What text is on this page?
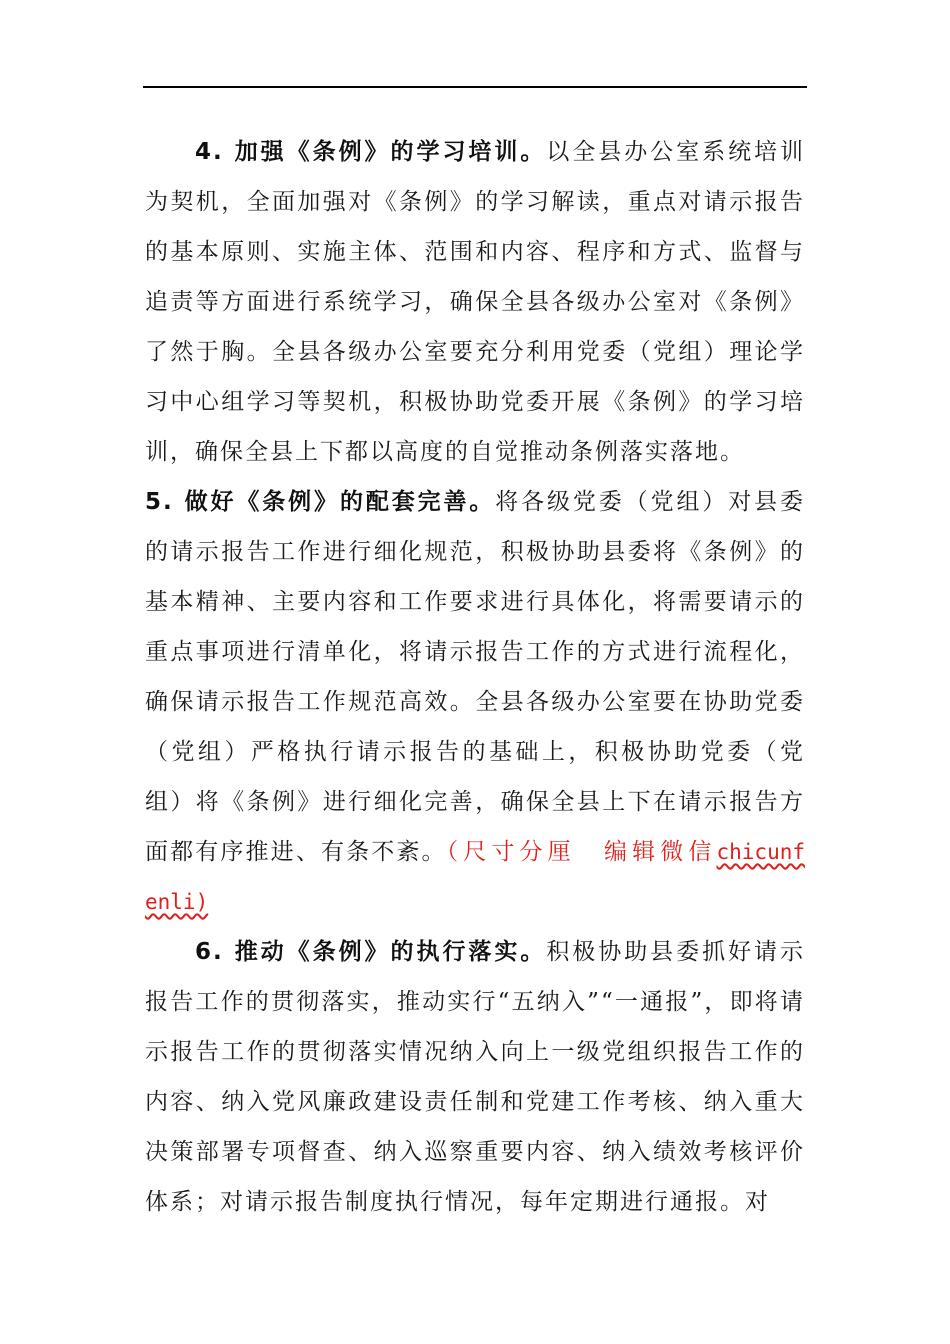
4. 加强《条例》的学习培训。以全县办公室系统培训为契机，全面加强对《条例》的学习解读，重点对请示报告的基本原则、实施主体、范围和内容、程序和方式、监督与追责等方面进行系统学习，确保全县各级办公室对《条例》了然于胸。全县各级办公室要充分利用党委（党组）理论学习中心组学习等契机，积极协助党委开展《条例》的学习培训，确保全县上下都以高度的自觉推动条例落实落地。

5. 做好《条例》的配套完善。将各级党委（党组）对县委的请示报告工作进行细化规范，积极协助县委将《条例》的基本精神、主要内容和工作要求进行具体化，将需要请示的重点事项进行清单化，将请示报告工作的方式进行流程化，确保请示报告工作规范高效。全县各级办公室要在协助党委（党组）严格执行请示报告的基础上，积极协助党委（党组）将《条例》进行细化完善，确保全县上下在请示报告方面都有序推进、有条不紊。（尺寸分厘　编辑微信chicunfenli)

6. 推动《条例》的执行落实。积极协助县委抓好请示报告工作的贯彻落实，推动实行“五纳入”“一通报”，即将请示报告工作的贯彻落实情况纳入向上一级党组织报告工作的内容、纳入党风廉政建设责任制和党建工作考核、纳入重大决策部署专项督查、纳入巡察重要内容、纳入绩效考核评价体系；对请示报告制度执行情况，每年定期进行通报。对
